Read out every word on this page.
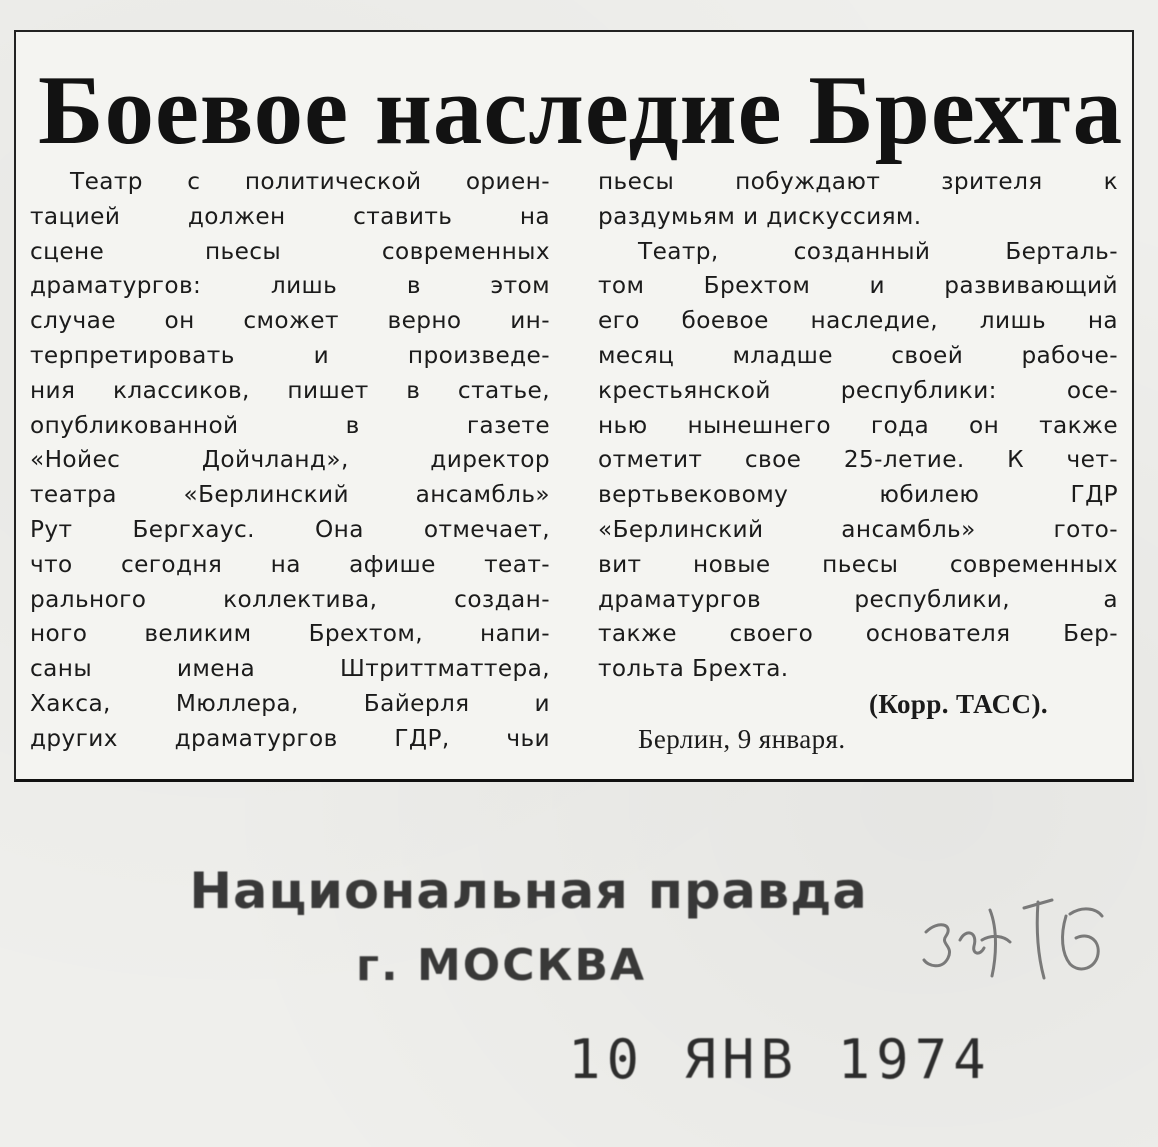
Боевое наследие Брехта
Театр с политической ориен-
тацией должен ставить на
сцене пьесы современных
драматургов: лишь в этом
случае он сможет верно ин-
терпретировать и произведе-
ния классиков, пишет в статье,
опубликованной в газете
«Нойес Дойчланд», директор
театра «Берлинский ансамбль»
Рут Бергхаус. Она отмечает,
что сегодня на афише теат-
рального коллектива, создан-
ного великим Брехтом, напи-
саны имена Штриттматтера,
Хакса, Мюллера, Байерля и
других драматургов ГДР, чьи
пьесы побуждают зрителя к
раздумьям и дискуссиям.
Театр, созданный Берталь-
том Брехтом и развивающий
его боевое наследие, лишь на
месяц младше своей рабоче-
крестьянской республики: осе-
нью нынешнего года он также
отметит свое 25-летие. К чет-
вертьвековому юбилею ГДР
«Берлинский ансамбль» гото-
вит новые пьесы современных
драматургов республики, а
также своего основателя Бер-
тольта Брехта.
(Корр. ТАСС).
Берлин, 9 января.
Национальная правда
г. МОСКВА
10 ЯНВ 1974
